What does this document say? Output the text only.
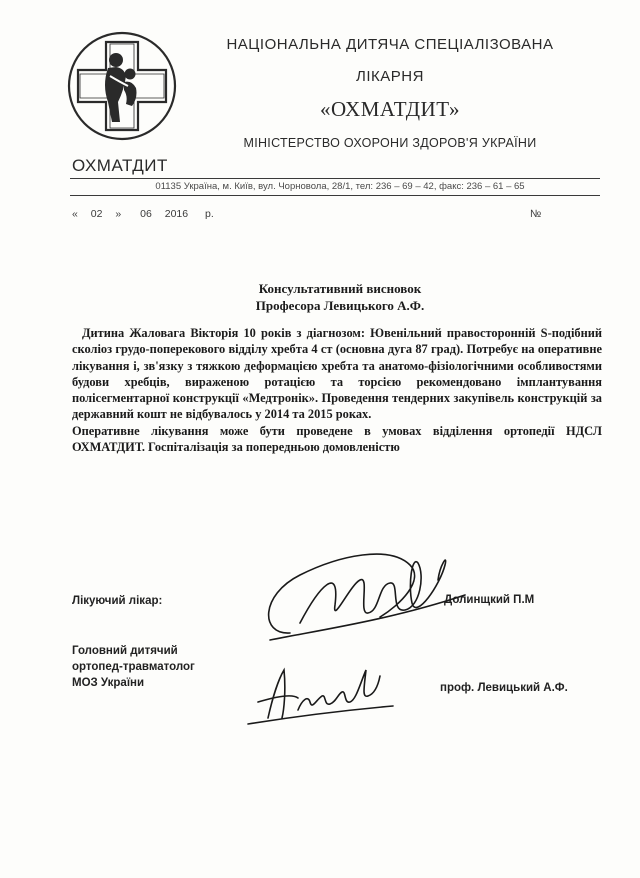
НАЦІОНАЛЬНА ДИТЯЧА СПЕЦІАЛІЗОВАНА
ЛІКАРНЯ
«ОХМАТДИТ»
МІНІСТЕРСТВО ОХОРОНИ ЗДОРОВ'Я УКРАЇНИ
ОХМАТДИТ
01135 Україна, м. Київ, вул. Чорновола, 28/1, тел: 236 – 69 – 42, факс: 236 – 61 – 65
« 02 » 06 2016 р.	№
Консультативний висновок
Професора Левицького А.Ф.

Дитина Жаловага Вікторія 10 років з діагнозом: Ювенільний правосторонній S-подібний сколіоз грудо-поперекового відділу хребта 4 ст (основна дуга 87 град). Потребує на оперативне лікування і, зв'язку з тяжкою деформацією хребта та анатомо-фізіологічними особливостями будови хребців, вираженою ротацією та торсією рекомендовано імплантування полісегментарної конструкції «Медтронік». Проведення тендерних закупівель конструкцій за державний кошт не відбувалось у 2014 та 2015 роках.

Оперативне лікування може бути проведене в умовах відділення ортопедії НДСЛ ОХМАТДИТ. Госпіталізація за попередньою домовленістю

Лікуючий лікар:	Долинщкий П.М
Головний дитячий
ортопед-травматолог
МОЗ України	проф. Левицький А.Ф.
